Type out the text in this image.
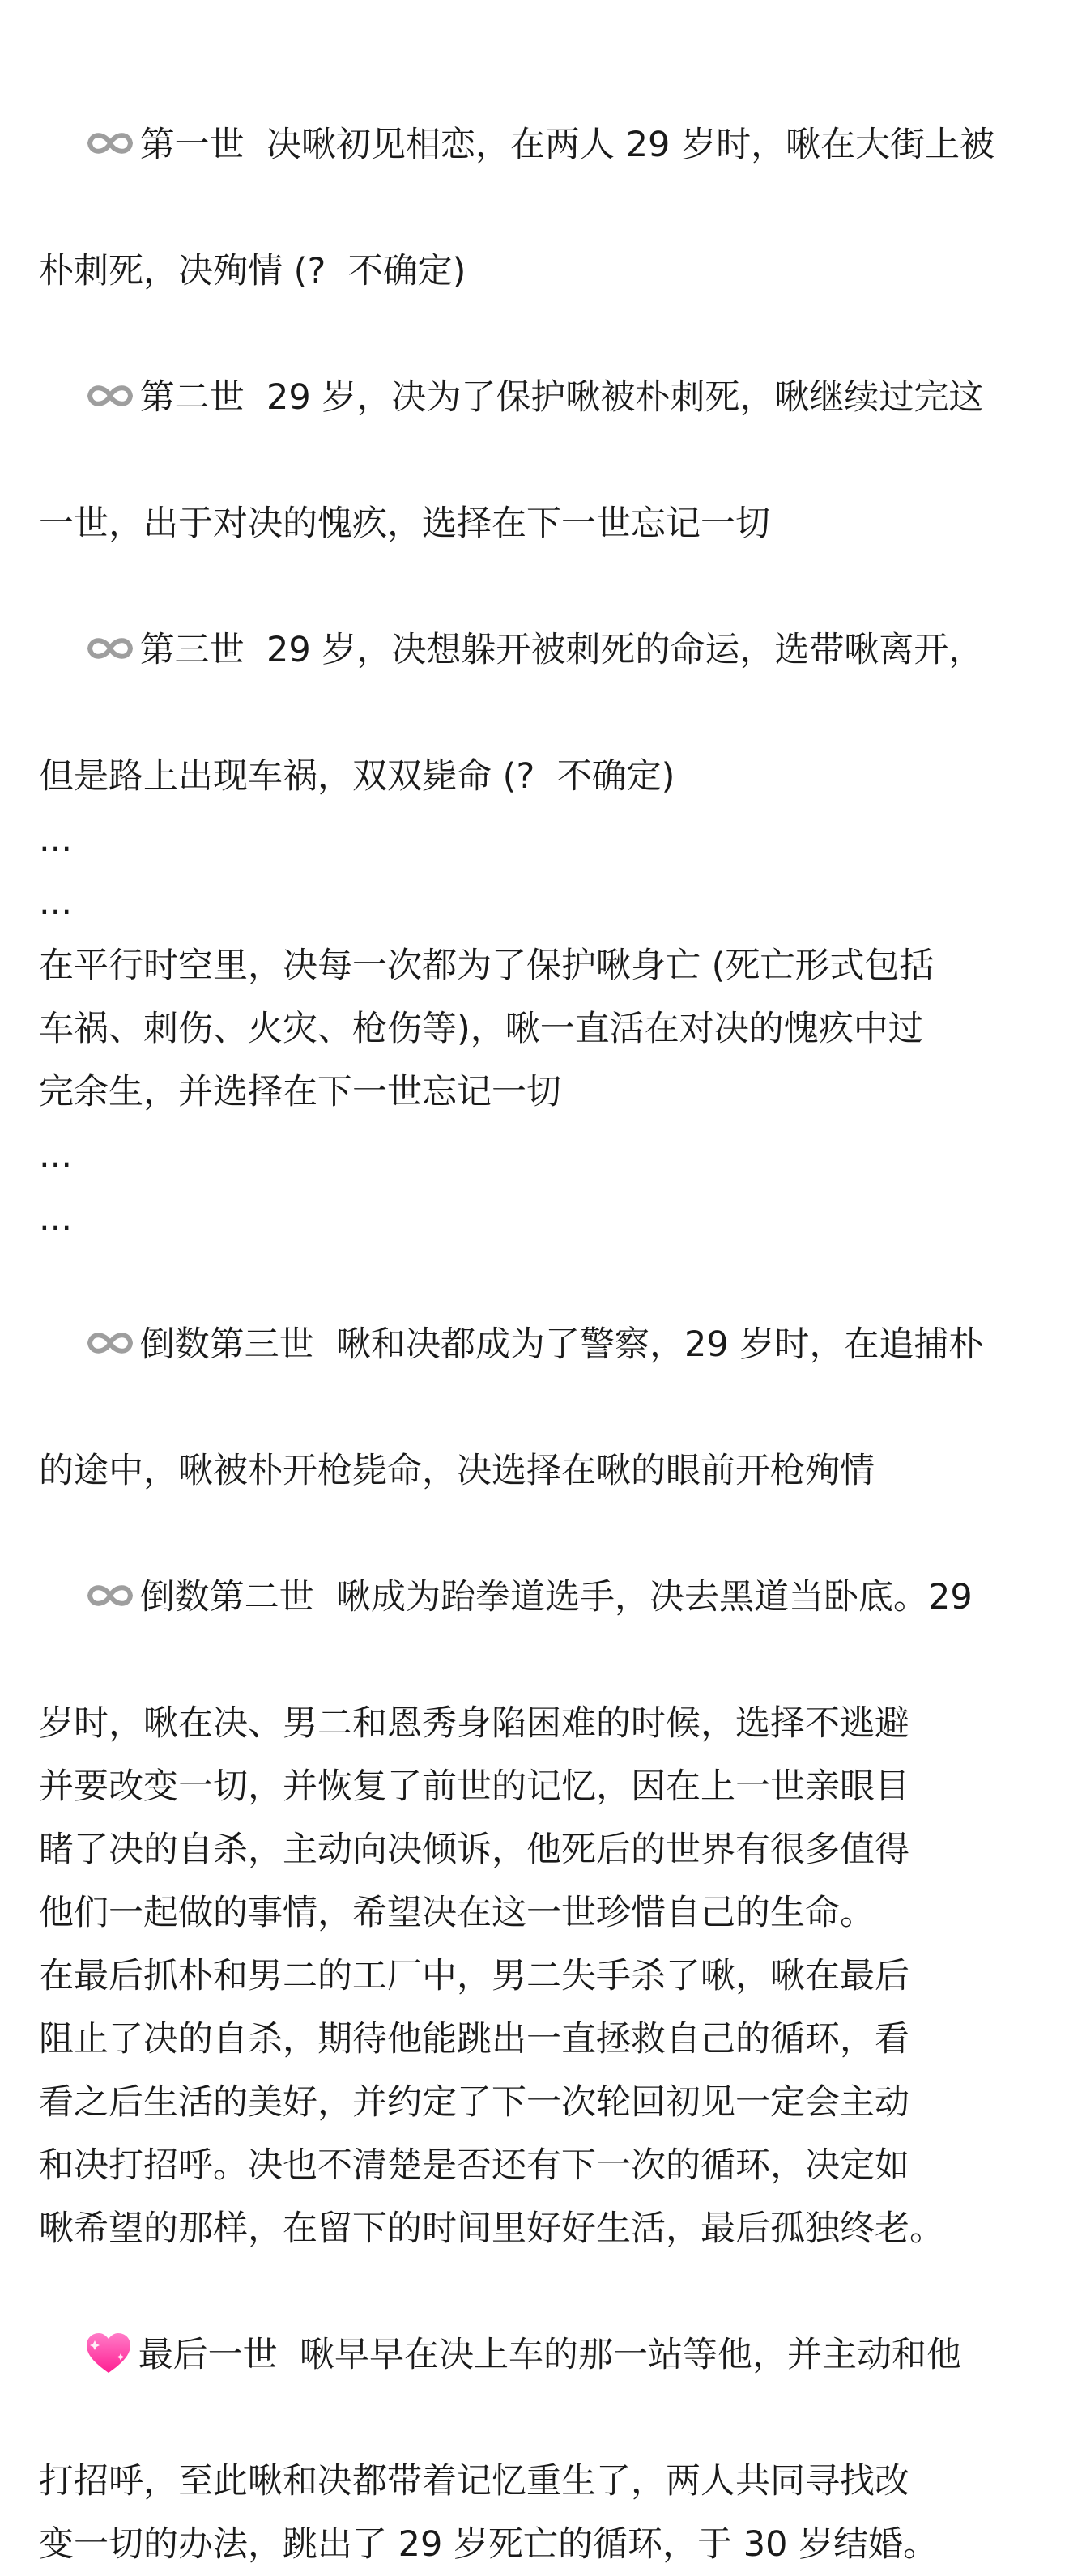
第一世  决啾初见相恋，在两人 29 岁时，啾在大街上被

朴刺死，决殉情 (?  不确定)

第二世  29 岁，决为了保护啾被朴刺死，啾继续过完这

一世，出于对决的愧疚，选择在下一世忘记一切

第三世  29 岁，决想躲开被刺死的命运，选带啾离开，

但是路上出现车祸，双双毙命 (?  不确定)
...
...
在平行时空里，决每一次都为了保护啾身亡 (死亡形式包括
车祸、刺伤、火灾、枪伤等)，啾一直活在对决的愧疚中过
完余生，并选择在下一世忘记一切
...
...

倒数第三世  啾和决都成为了警察，29 岁时，在追捕朴

的途中，啾被朴开枪毙命，决选择在啾的眼前开枪殉情

倒数第二世  啾成为跆拳道选手，决去黑道当卧底。29

岁时，啾在决、男二和恩秀身陷困难的时候，选择不逃避
并要改变一切，并恢复了前世的记忆，因在上一世亲眼目
睹了决的自杀，主动向决倾诉，他死后的世界有很多值得
他们一起做的事情，希望决在这一世珍惜自己的生命。
在最后抓朴和男二的工厂中，男二失手杀了啾，啾在最后
阻止了决的自杀，期待他能跳出一直拯救自己的循环，看
看之后生活的美好，并约定了下一次轮回初见一定会主动
和决打招呼。决也不清楚是否还有下一次的循环，决定如
啾希望的那样，在留下的时间里好好生活，最后孤独终老。

最后一世  啾早早在决上车的那一站等他，并主动和他

打招呼，至此啾和决都带着记忆重生了，两人共同寻找改
变一切的办法，跳出了 29 岁死亡的循环，于 30 岁结婚。
